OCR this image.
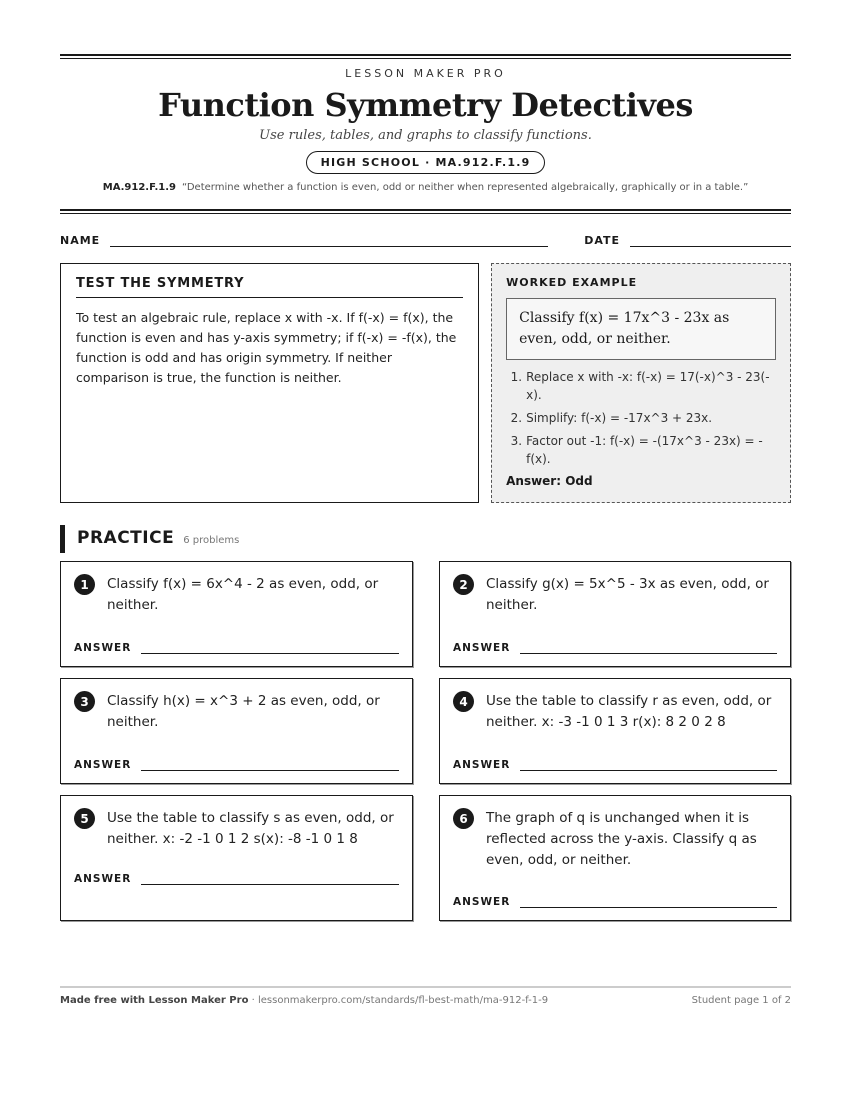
LESSON MAKER PRO
Function Symmetry Detectives
Use rules, tables, and graphs to classify functions.
HIGH SCHOOL · MA.912.F.1.9
MA.912.F.1.9 “Determine whether a function is even, odd or neither when represented algebraically, graphically or in a table.”
NAME	DATE
TEST THE SYMMETRY

To test an algebraic rule, replace x with -x. If f(-x) = f(x), the function is even and has y-axis symmetry; if f(-x) = -f(x), the function is odd and has origin symmetry. If neither comparison is true, the function is neither.

WORKED EXAMPLE
Classify f(x) = 17x^3 - 23x as even, odd, or neither.
1. Replace x with -x: f(-x) = 17(-x)^3 - 23(-x).
2. Simplify: f(-x) = -17x^3 + 23x.
3. Factor out -1: f(-x) = -(17x^3 - 23x) = -f(x).
Answer: Odd
PRACTICE 6 problems
1	Classify f(x) = 6x^4 - 2 as even, odd, or neither.
ANSWER
2	Classify g(x) = 5x^5 - 3x as even, odd, or neither.
ANSWER
3	Classify h(x) = x^3 + 2 as even, odd, or neither.
ANSWER
4	Use the table to classify r as even, odd, or neither. x: -3 -1 0 1 3 r(x): 8 2 0 2 8
ANSWER
5	Use the table to classify s as even, odd, or neither. x: -2 -1 0 1 2 s(x): -8 -1 0 1 8
ANSWER
6	The graph of q is unchanged when it is reflected across the y-axis. Classify q as even, odd, or neither.
ANSWER
Made free with Lesson Maker Pro · lessonmakerpro.com/standards/fl-best-math/ma-912-f-1-9	Student page 1 of 2
